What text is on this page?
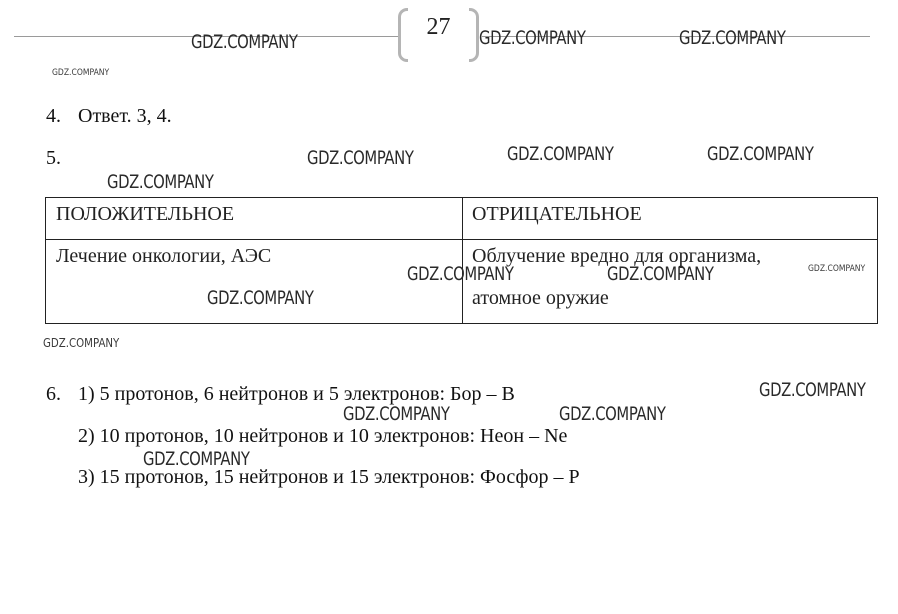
27
4. Ответ. 3, 4.
5.
ПОЛОЖИТЕЛЬНОЕ	ОТРИЦАТЕЛЬНОЕ
Лечение онкологии, АЭС	Облучение вредно для организма,
атомное оружие
6. 1) 5 протонов, 6 нейтронов и 5 электронов: Бор – B
2) 10 протонов, 10 нейтронов и 10 электронов: Неон – Ne
3) 15 протонов, 15 нейтронов и 15 электронов: Фосфор – P
GDZ.COMPANY	GDZ.COMPANY	GDZ.COMPANY
GDZ.COMPANY
GDZ.COMPANY	GDZ.COMPANY	GDZ.COMPANY
GDZ.COMPANY
GDZ.COMPANY	GDZ.COMPANY	GDZ.COMPANY
GDZ.COMPANY
GDZ.COMPANY
GDZ.COMPANY
GDZ.COMPANY	GDZ.COMPANY
GDZ.COMPANY
